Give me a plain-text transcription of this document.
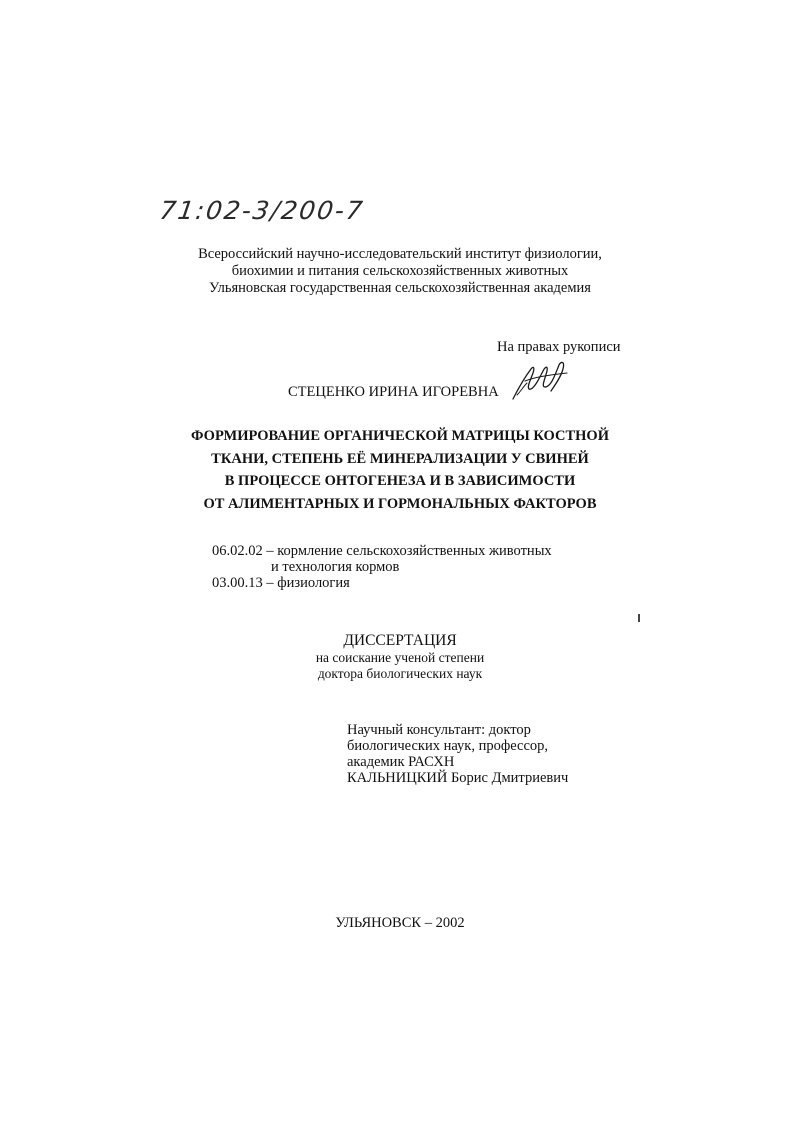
71:02-3/200-7
Всероссийский научно-исследовательский институт физиологии,
биохимии и питания сельскохозяйственных животных
Ульяновская государственная сельскохозяйственная академия
На правах рукописи
СТЕЦЕНКО ИРИНА ИГОРЕВНА
ФОРМИРОВАНИЕ ОРГАНИЧЕСКОЙ МАТРИЦЫ КОСТНОЙ
ТКАНИ, СТЕПЕНЬ ЕЁ МИНЕРАЛИЗАЦИИ У СВИНЕЙ
В ПРОЦЕССЕ ОНТОГЕНЕЗА И В ЗАВИСИМОСТИ
ОТ АЛИМЕНТАРНЫХ И ГОРМОНАЛЬНЫХ ФАКТОРОВ
06.02.02 – кормление сельскохозяйственных животных
и технология кормов
03.00.13 – физиология
ДИССЕРТАЦИЯ
на соискание ученой степени
доктора биологических наук
Научный консультант: доктор
биологических наук, профессор,
академик РАСХН
КАЛЬНИЦКИЙ Борис Дмитриевич
УЛЬЯНОВСК – 2002
